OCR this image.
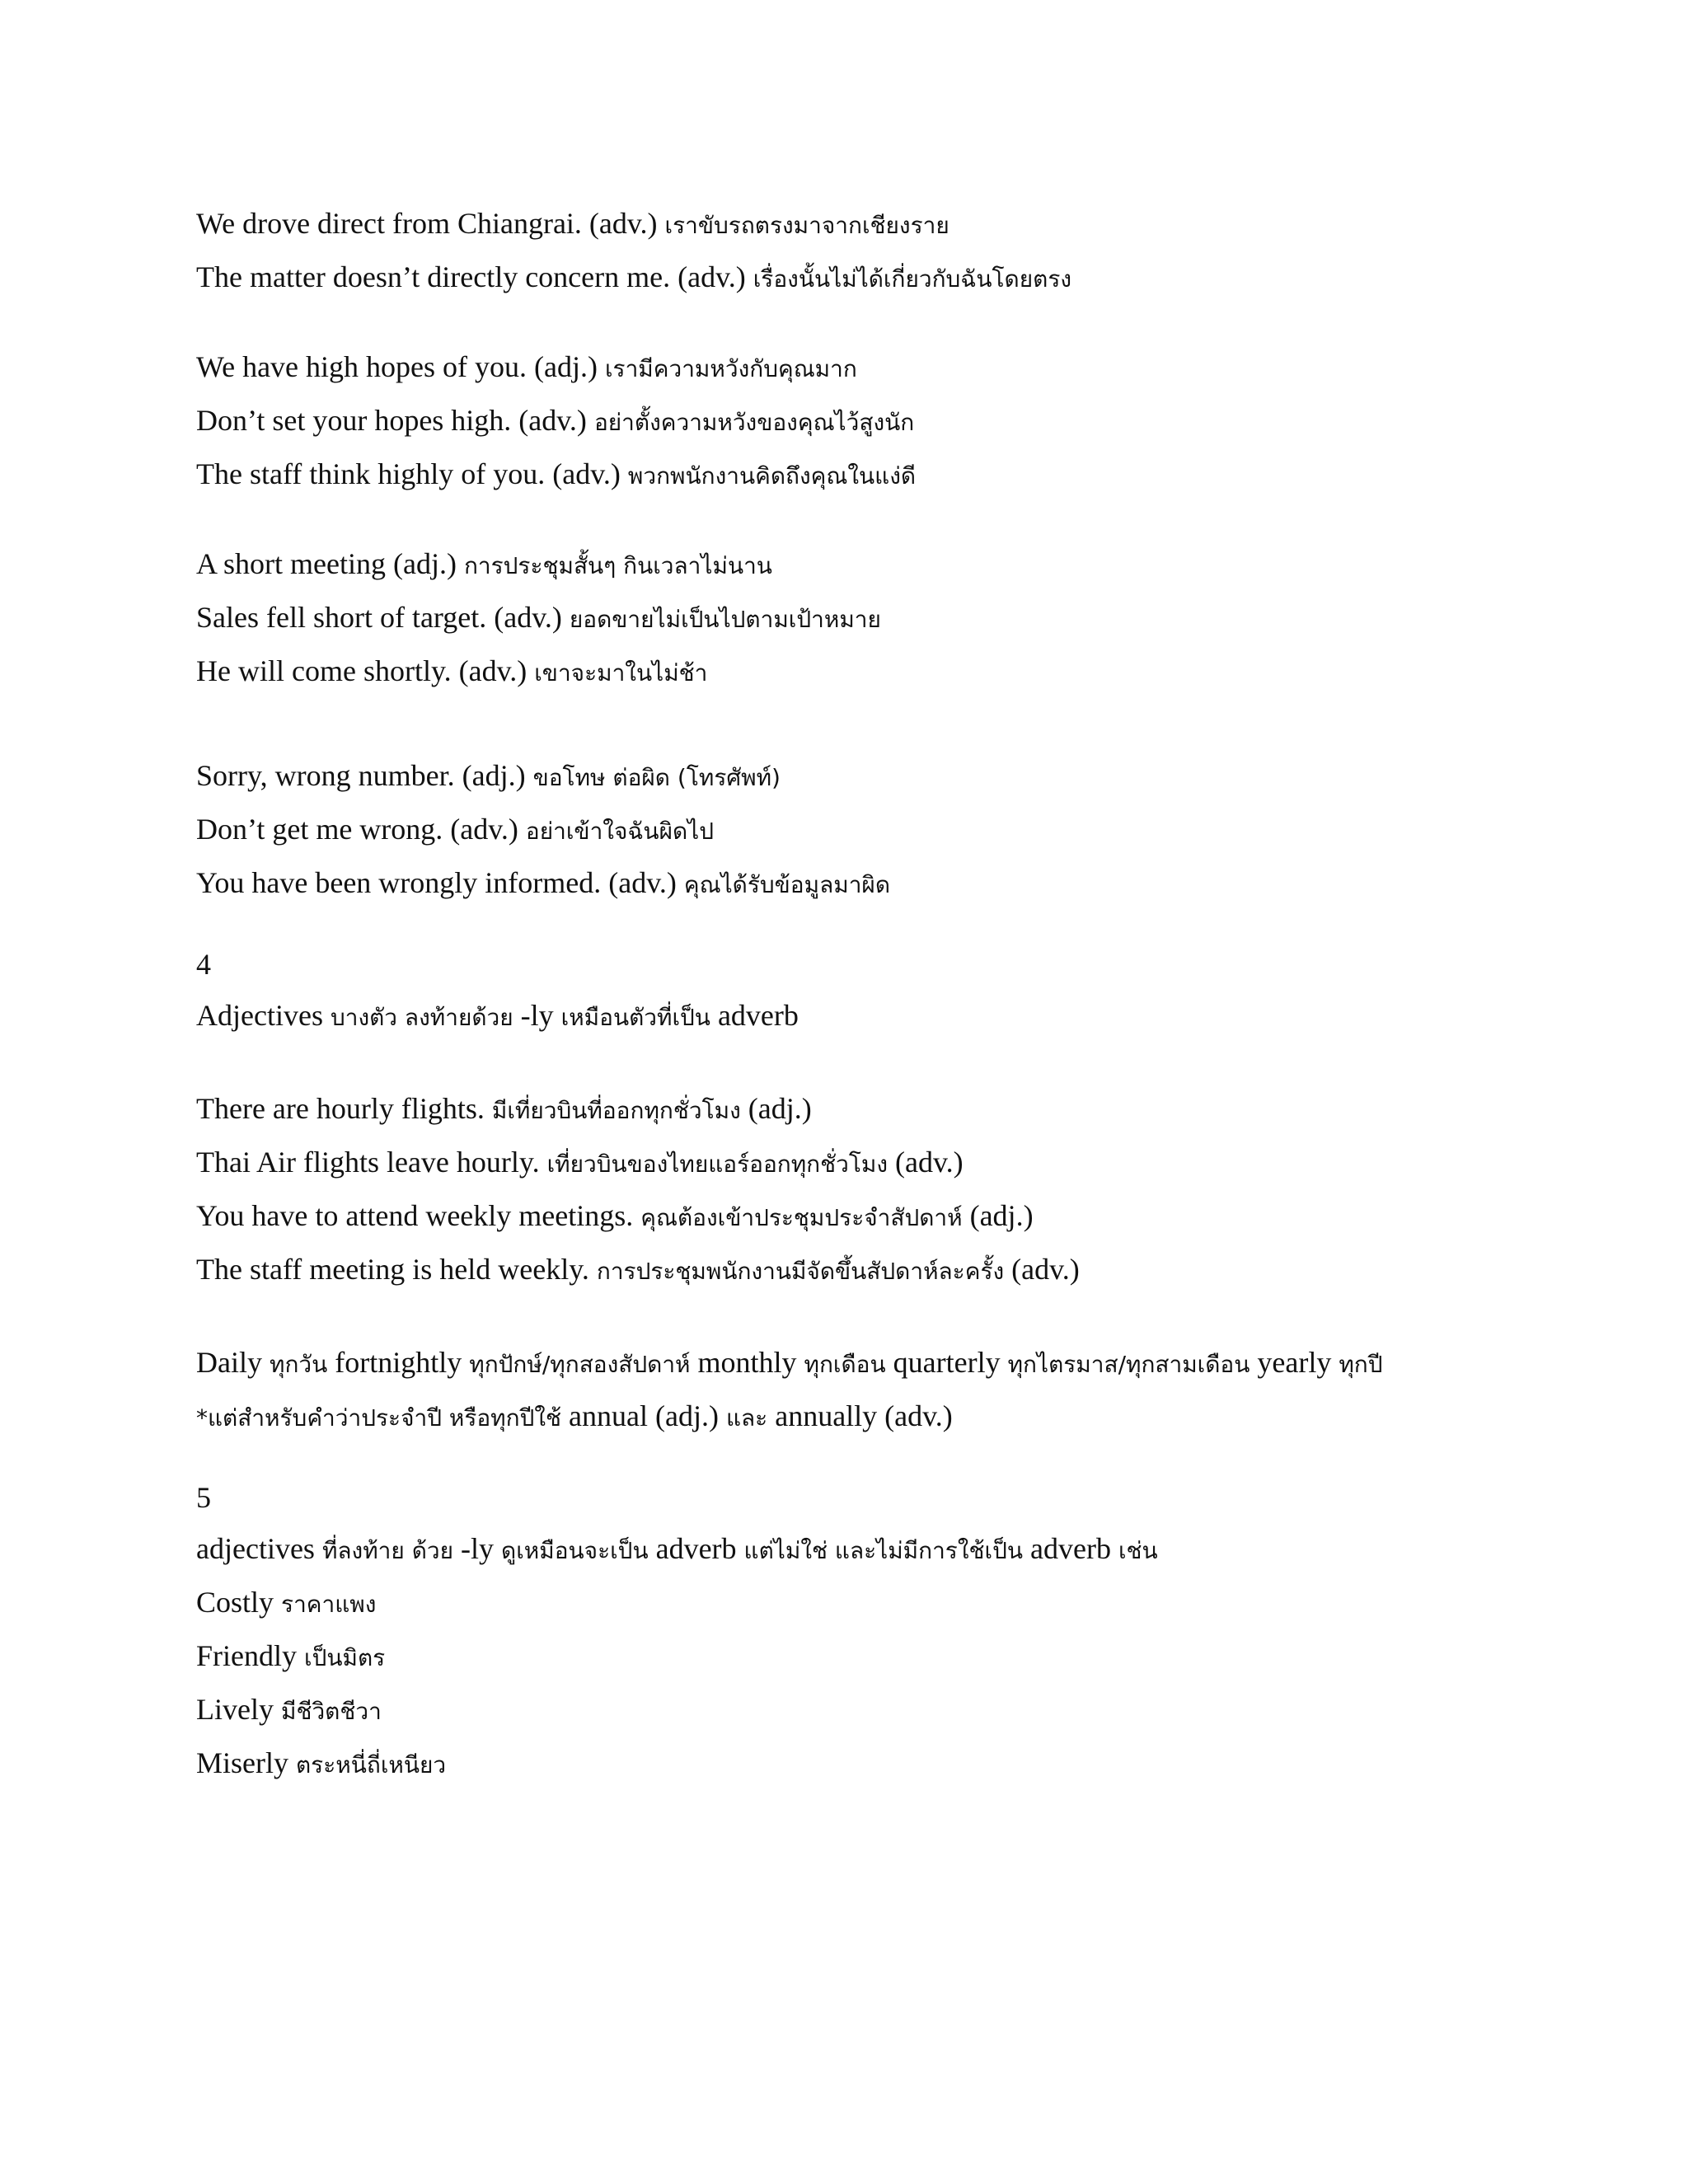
We drove direct from Chiangrai. (adv.) เราขับรถตรงมาจากเชียงราย
The matter doesn’t directly concern me. (adv.) เรื่องนั้นไม่ได้เกี่ยวกับฉันโดยตรง
We have high hopes of you. (adj.) เรามีความหวังกับคุณมาก
Don’t set your hopes high. (adv.) อย่าตั้งความหวังของคุณไว้สูงนัก
The staff think highly of you. (adv.) พวกพนักงานคิดถึงคุณในแง่ดี
A short meeting (adj.) การประชุมสั้นๆ กินเวลาไม่นาน
Sales fell short of target. (adv.) ยอดขายไม่เป็นไปตามเป้าหมาย
He will come shortly. (adv.) เขาจะมาในไม่ช้า
Sorry, wrong number. (adj.) ขอโทษ ต่อผิด (โทรศัพท์)
Don’t get me wrong. (adv.) อย่าเข้าใจฉันผิดไป
You have been wrongly informed. (adv.) คุณได้รับข้อมูลมาผิด
4
Adjectives บางตัว ลงท้ายด้วย -ly เหมือนตัวที่เป็น adverb
There are hourly flights. มีเที่ยวบินที่ออกทุกชั่วโมง (adj.)
Thai Air flights leave hourly. เที่ยวบินของไทยแอร์ออกทุกชั่วโมง (adv.)
You have to attend weekly meetings. คุณต้องเข้าประชุมประจำสัปดาห์ (adj.)
The staff meeting is held weekly. การประชุมพนักงานมีจัดขึ้นสัปดาห์ละครั้ง (adv.)
Daily ทุกวัน fortnightly ทุกปักษ์/ทุกสองสัปดาห์ monthly ทุกเดือน quarterly ทุกไตรมาส/ทุกสามเดือน yearly ทุกปี
*แต่สำหรับคำว่าประจำปี หรือทุกปีใช้ annual (adj.) และ annually (adv.)
5
adjectives ที่ลงท้าย ด้วย -ly ดูเหมือนจะเป็น adverb แต่ไม่ใช่ และไม่มีการใช้เป็น adverb เช่น
Costly ราคาแพง
Friendly เป็นมิตร
Lively มีชีวิตชีวา
Miserly ตระหนี่ถี่เหนียว
